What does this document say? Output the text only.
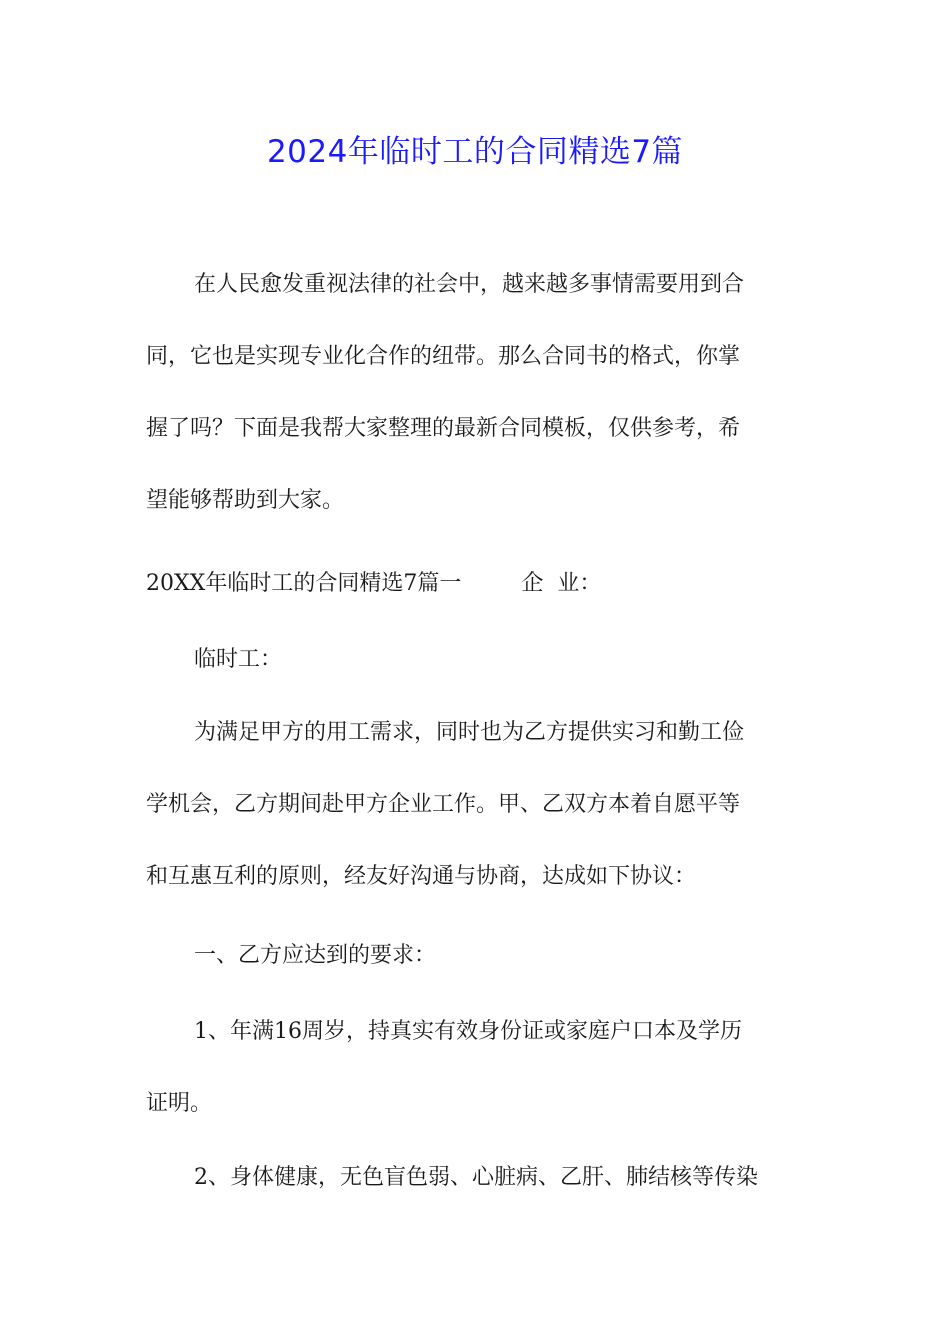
2024年临时工的合同精选7篇
在人民愈发重视法律的社会中，越来越多事情需要用到合
同，它也是实现专业化合作的纽带。那么合同书的格式，你掌
握了吗？下面是我帮大家整理的最新合同模板，仅供参考，希
望能够帮助到大家。
20XX年临时工的合同精选7篇一	企  业：
临时工：
为满足甲方的用工需求，同时也为乙方提供实习和勤工俭
学机会，乙方期间赴甲方企业工作。甲、乙双方本着自愿平等
和互惠互利的原则，经友好沟通与协商，达成如下协议：
一、乙方应达到的要求：
1、年满16周岁，持真实有效身份证或家庭户口本及学历
证明。
2、身体健康，无色盲色弱、心脏病、乙肝、肺结核等传染
